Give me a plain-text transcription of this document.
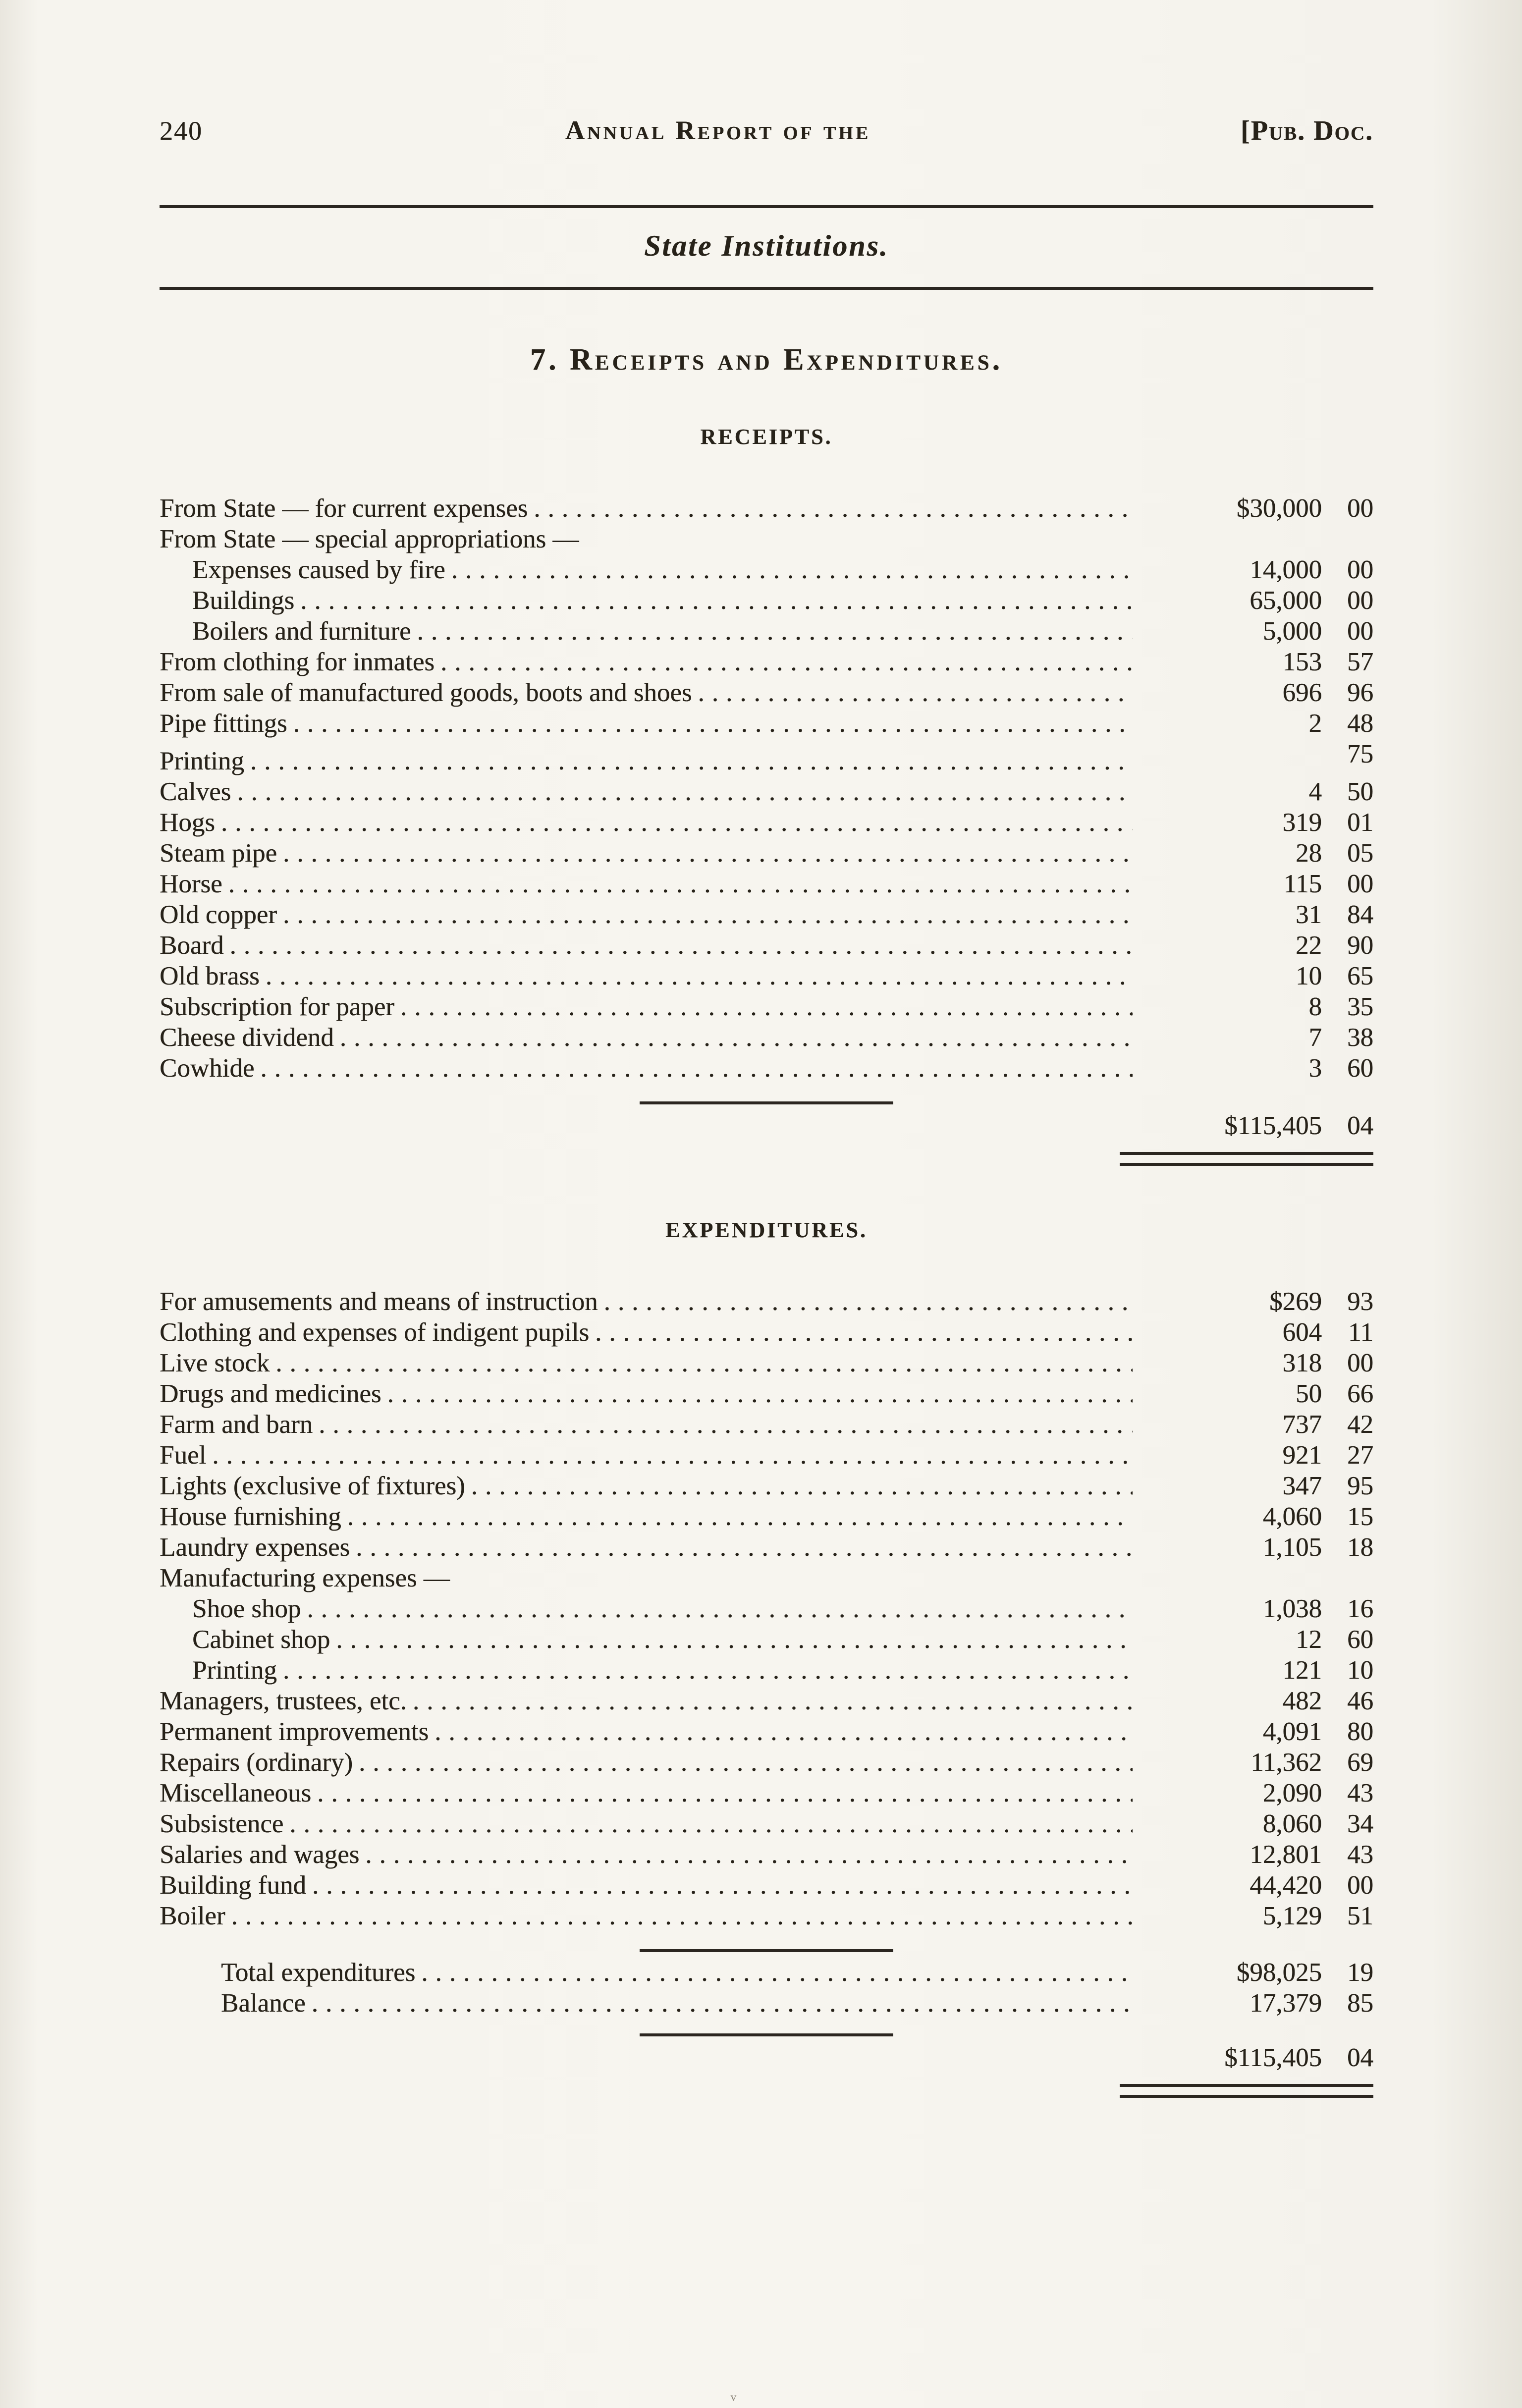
240	Annual Report of the	[Pub. Doc.
State Institutions.
7. Receipts and Expenditures.
RECEIPTS.
From State — for current expenses .....	$30,000 00
From State — special appropriations —
Expenses caused by fire .....	14,000 00
Buildings .....	65,000 00
Boilers and furniture .....	5,000 00
From clothing for inmates .....	153 57
From sale of manufactured goods, boots and shoes .....	696 96
Pipe fittings .....	2 48
Printing .....	75
Calves .....	4 50
Hogs .....	319 01
Steam pipe .....	28 05
Horse .....	115 00
Old copper .....	31 84
Board .....	22 90
Old brass .....	10 65
Subscription for paper .....	8 35
Cheese dividend .....	7 38
Cowhide .....	3 60
$115,405 04
EXPENDITURES.
For amusements and means of instruction .....	$269 93
Clothing and expenses of indigent pupils .....	604 11
Live stock .....	318 00
Drugs and medicines .....	50 66
Farm and barn .....	737 42
Fuel .....	921 27
Lights (exclusive of fixtures) .....	347 95
House furnishing .....	4,060 15
Laundry expenses .....	1,105 18
Manufacturing expenses —
Shoe shop .....	1,038 16
Cabinet shop .....	12 60
Printing .....	121 10
Managers, trustees, etc. .....	482 46
Permanent improvements .....	4,091 80
Repairs (ordinary) .....	11,362 69
Miscellaneous .....	2,090 43
Subsistence .....	8,060 34
Salaries and wages .....	12,801 43
Building fund .....	44,420 00
Boiler .....	5,129 51
Total expenditures .....	$98,025 19
Balance .....	17,379 85
$115,405 04
ᵥ
